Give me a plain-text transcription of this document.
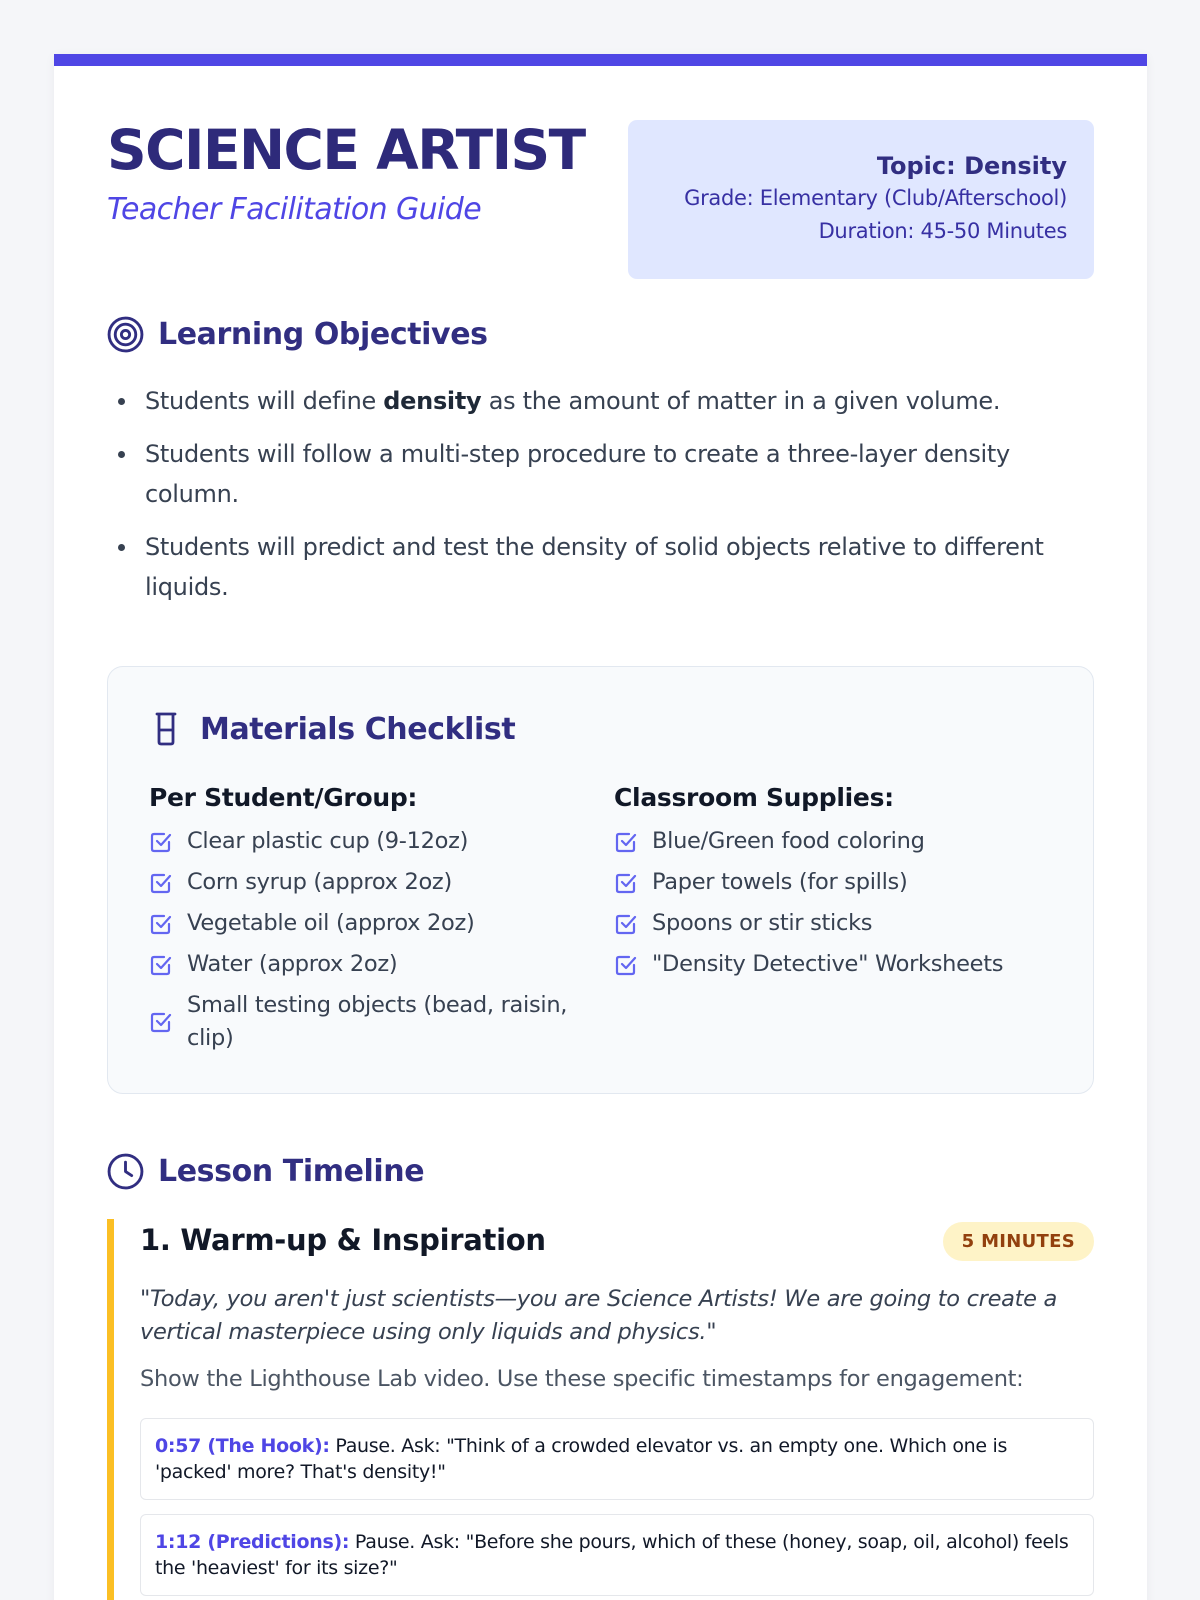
SCIENCE ARTIST
Teacher Facilitation Guide
Topic: Density
Grade: Elementary (Club/Afterschool)
Duration: 45-50 Minutes
Learning Objectives
Students will define density as the amount of matter in a given volume.
Students will follow a multi-step procedure to create a three-layer density column.
Students will predict and test the density of solid objects relative to different liquids.
Materials Checklist
Per Student/Group:
Clear plastic cup (9-12oz)
Corn syrup (approx 2oz)
Vegetable oil (approx 2oz)
Water (approx 2oz)
Small testing objects (bead, raisin, clip)
Classroom Supplies:
Blue/Green food coloring
Paper towels (for spills)
Spoons or stir sticks
"Density Detective" Worksheets
Lesson Timeline
1. Warm-up & Inspiration	5 MINUTES
"Today, you aren't just scientists—you are Science Artists! We are going to create a vertical masterpiece using only liquids and physics."
Show the Lighthouse Lab video. Use these specific timestamps for engagement:
0:57 (The Hook): Pause. Ask: "Think of a crowded elevator vs. an empty one. Which one is 'packed' more? That's density!"
1:12 (Predictions): Pause. Ask: "Before she pours, which of these (honey, soap, oil, alcohol) feels the 'heaviest' for its size?"
